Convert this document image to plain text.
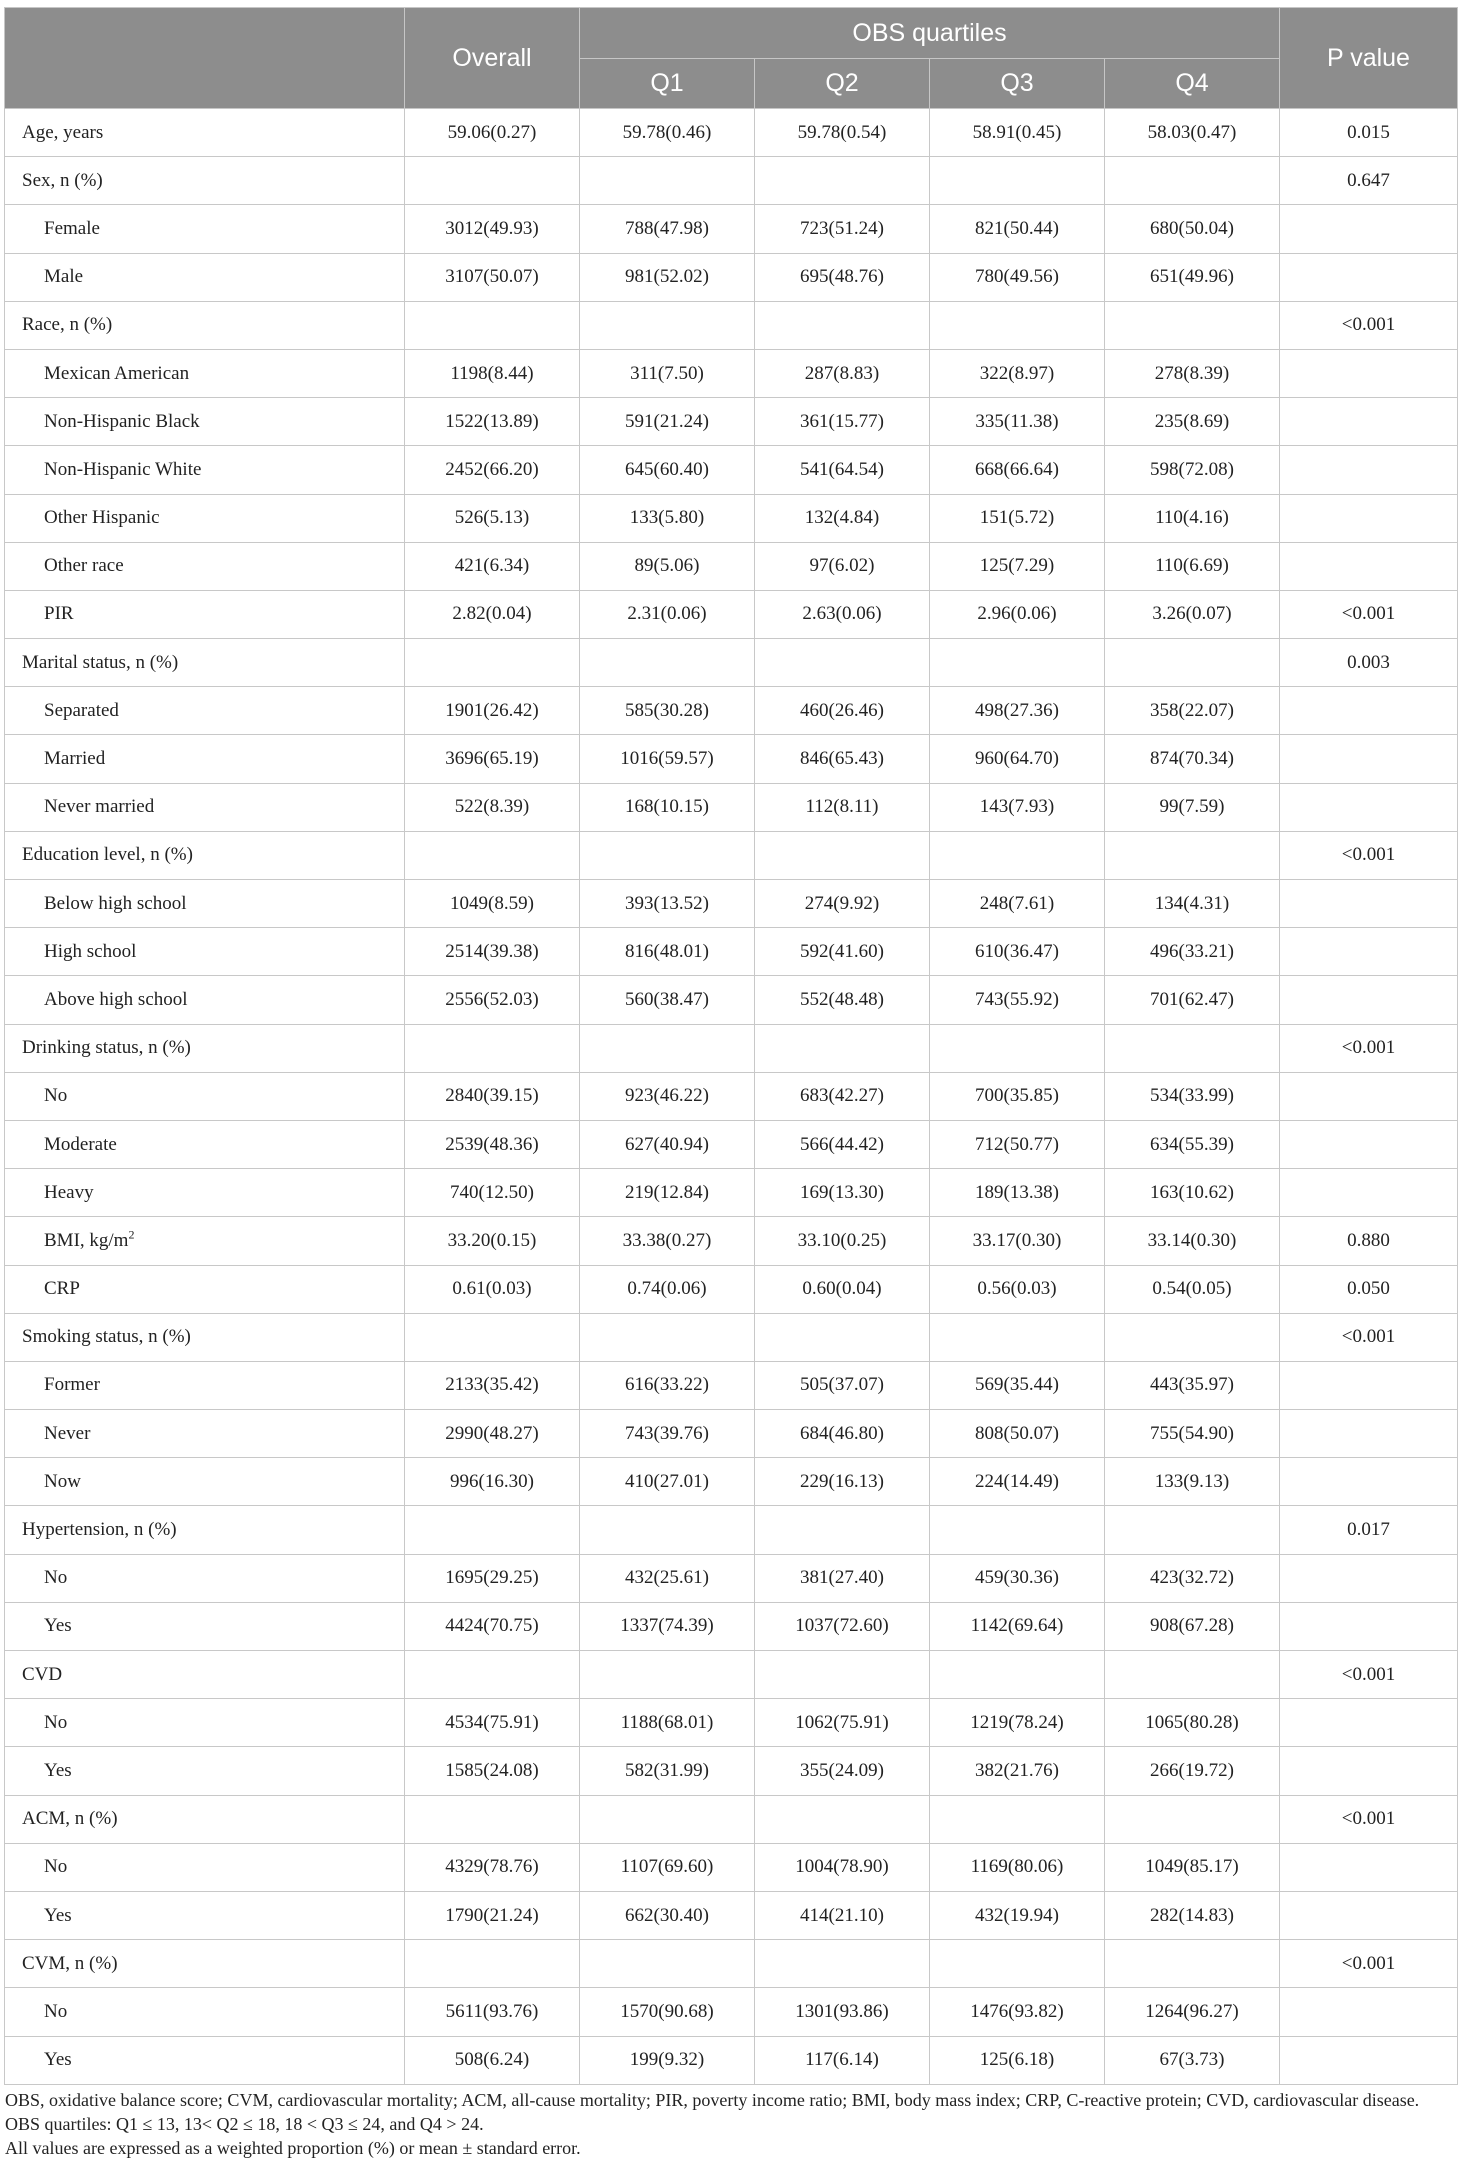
	Overall	OBS quartiles				P value
		Q1	Q2	Q3	Q4	
Age, years	59.06(0.27)	59.78(0.46)	59.78(0.54)	58.91(0.45)	58.03(0.47)	0.015
Sex, n (%)						0.647
Female	3012(49.93)	788(47.98)	723(51.24)	821(50.44)	680(50.04)	
Male	3107(50.07)	981(52.02)	695(48.76)	780(49.56)	651(49.96)	
Race, n (%)						<0.001
Mexican American	1198(8.44)	311(7.50)	287(8.83)	322(8.97)	278(8.39)	
Non-Hispanic Black	1522(13.89)	591(21.24)	361(15.77)	335(11.38)	235(8.69)	
Non-Hispanic White	2452(66.20)	645(60.40)	541(64.54)	668(66.64)	598(72.08)	
Other Hispanic	526(5.13)	133(5.80)	132(4.84)	151(5.72)	110(4.16)	
Other race	421(6.34)	89(5.06)	97(6.02)	125(7.29)	110(6.69)	
PIR	2.82(0.04)	2.31(0.06)	2.63(0.06)	2.96(0.06)	3.26(0.07)	<0.001
Marital status, n (%)						0.003
Separated	1901(26.42)	585(30.28)	460(26.46)	498(27.36)	358(22.07)	
Married	3696(65.19)	1016(59.57)	846(65.43)	960(64.70)	874(70.34)	
Never married	522(8.39)	168(10.15)	112(8.11)	143(7.93)	99(7.59)	
Education level, n (%)						<0.001
Below high school	1049(8.59)	393(13.52)	274(9.92)	248(7.61)	134(4.31)	
High school	2514(39.38)	816(48.01)	592(41.60)	610(36.47)	496(33.21)	
Above high school	2556(52.03)	560(38.47)	552(48.48)	743(55.92)	701(62.47)	
Drinking status, n (%)						<0.001
No	2840(39.15)	923(46.22)	683(42.27)	700(35.85)	534(33.99)	
Moderate	2539(48.36)	627(40.94)	566(44.42)	712(50.77)	634(55.39)	
Heavy	740(12.50)	219(12.84)	169(13.30)	189(13.38)	163(10.62)	
BMI, $kg/m^2$	33.20(0.15)	33.38(0.27)	33.10(0.25)	33.17(0.30)	33.14(0.30)	0.880
CRP	0.61(0.03)	0.74(0.06)	0.60(0.04)	0.56(0.03)	0.54(0.05)	0.050
Smoking status, n (%)						<0.001
Former	2133(35.42)	616(33.22)	505(37.07)	569(35.44)	443(35.97)	
Never	2990(48.27)	743(39.76)	684(46.80)	808(50.07)	755(54.90)	
Now	996(16.30)	410(27.01)	229(16.13)	224(14.49)	133(9.13)	
Hypertension, n (%)						0.017
No	1695(29.25)	432(25.61)	381(27.40)	459(30.36)	423(32.72)	
Yes	4424(70.75)	1337(74.39)	1037(72.60)	1142(69.64)	908(67.28)	
CVD						<0.001
No	4534(75.91)	1188(68.01)	1062(75.91)	1219(78.24)	1065(80.28)	
Yes	1585(24.08)	582(31.99)	355(24.09)	382(21.76)	266(19.72)	
ACM, n (%)						<0.001
No	4329(78.76)	1107(69.60)	1004(78.90)	1169(80.06)	1049(85.17)	
Yes	1790(21.24)	662(30.40)	414(21.10)	432(19.94)	282(14.83)	
CVM, n (%)						<0.001
No	5611(93.76)	1570(90.68)	1301(93.86)	1476(93.82)	1264(96.27)	
Yes	508(6.24)	199(9.32)	117(6.14)	125(6.18)	67(3.73)	
OBS, oxidative balance score; CVM, cardiovascular mortality; ACM, all-cause mortality; PIR, poverty income ratio; BMI, body mass index; CRP, C-reactive protein; CVD, cardiovascular disease.
OBS quartiles: Q1 ≤ 13, 13< Q2 ≤ 18, 18 < Q3 ≤ 24, and Q4 > 24.
All values are expressed as a weighted proportion (%) or mean ± standard error.
